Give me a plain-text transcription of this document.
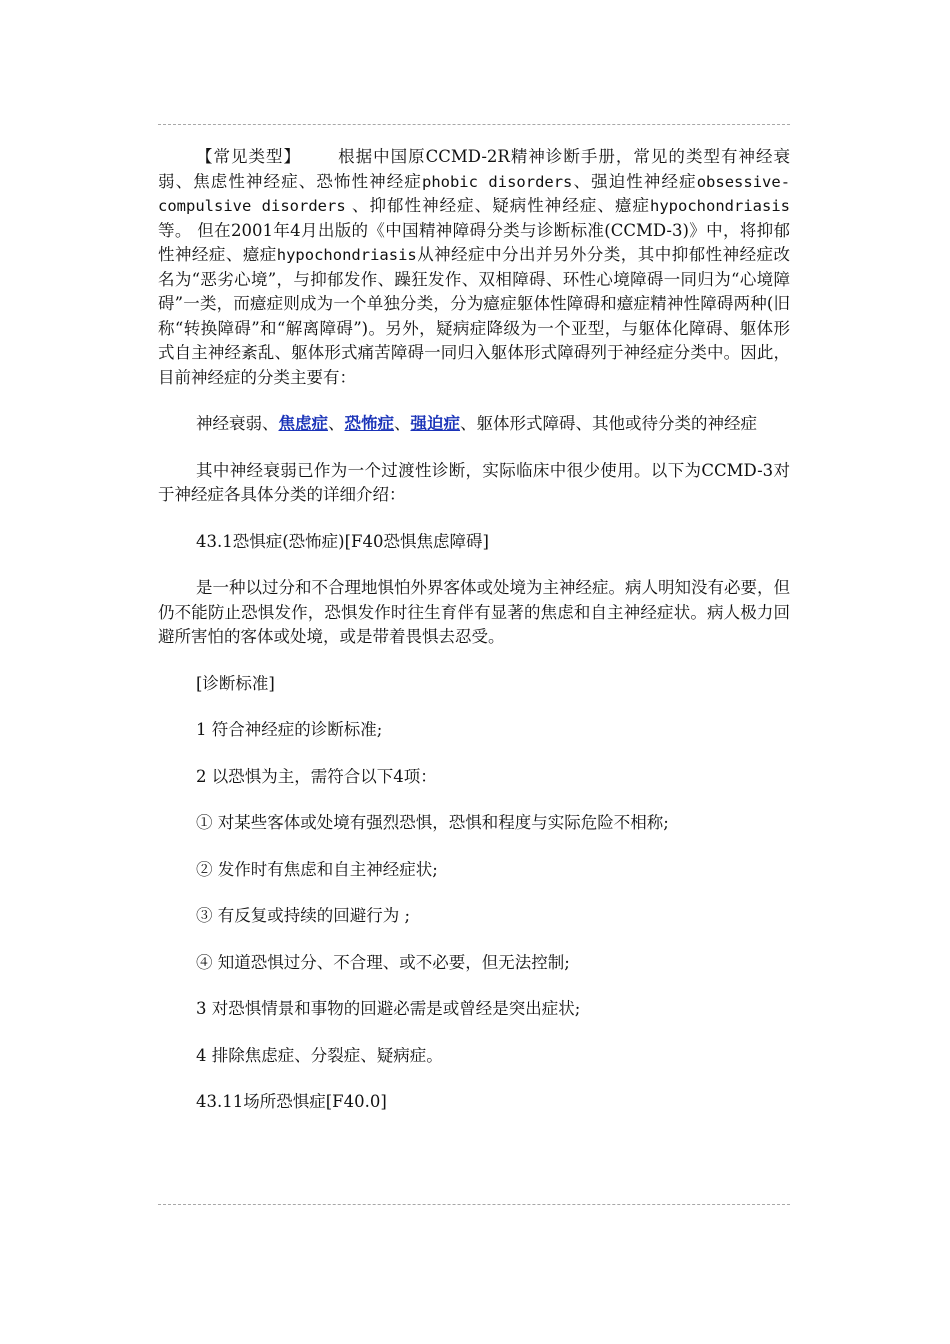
【常见类型】 根据中国原CCMD-2R精神诊断手册，常见的类型有神经衰弱、焦虑性神经症、恐怖性神经症phobic disorders、强迫性神经症obsessive-compulsive disorders 、抑郁性神经症、疑病性神经症、癔症hypochondriasis等。 但在2001年4月出版的《中国精神障碍分类与诊断标准(CCMD-3)》中，将抑郁性神经症、癔症hypochondriasis从神经症中分出并另外分类，其中抑郁性神经症改名为“恶劣心境”，与抑郁发作、躁狂发作、双相障碍、环性心境障碍一同归为“心境障碍”一类，而癔症则成为一个单独分类，分为癔症躯体性障碍和癔症精神性障碍两种(旧称“转换障碍”和“解离障碍”)。另外，疑病症降级为一个亚型，与躯体化障碍、躯体形式自主神经紊乱、躯体形式痛苦障碍一同归入躯体形式障碍列于神经症分类中。因此，目前神经症的分类主要有：

神经衰弱、焦虑症、恐怖症、强迫症、躯体形式障碍、其他或待分类的神经症

其中神经衰弱已作为一个过渡性诊断，实际临床中很少使用。以下为CCMD-3对于神经症各具体分类的详细介绍：

43.1恐惧症(恐怖症)[F40恐惧焦虑障碍]

是一种以过分和不合理地惧怕外界客体或处境为主神经症。病人明知没有必要，但仍不能防止恐惧发作，恐惧发作时往生育伴有显著的焦虑和自主神经症状。病人极力回避所害怕的客体或处境，或是带着畏惧去忍受。

[诊断标准]

1 符合神经症的诊断标准;

2 以恐惧为主，需符合以下4项：

① 对某些客体或处境有强烈恐惧，恐惧和程度与实际危险不相称;

② 发作时有焦虑和自主神经症状;

③ 有反复或持续的回避行为 ;

④ 知道恐惧过分、不合理、或不必要，但无法控制;

3 对恐惧情景和事物的回避必需是或曾经是突出症状;

4 排除焦虑症、分裂症、疑病症。

43.11场所恐惧症[F40.0]
